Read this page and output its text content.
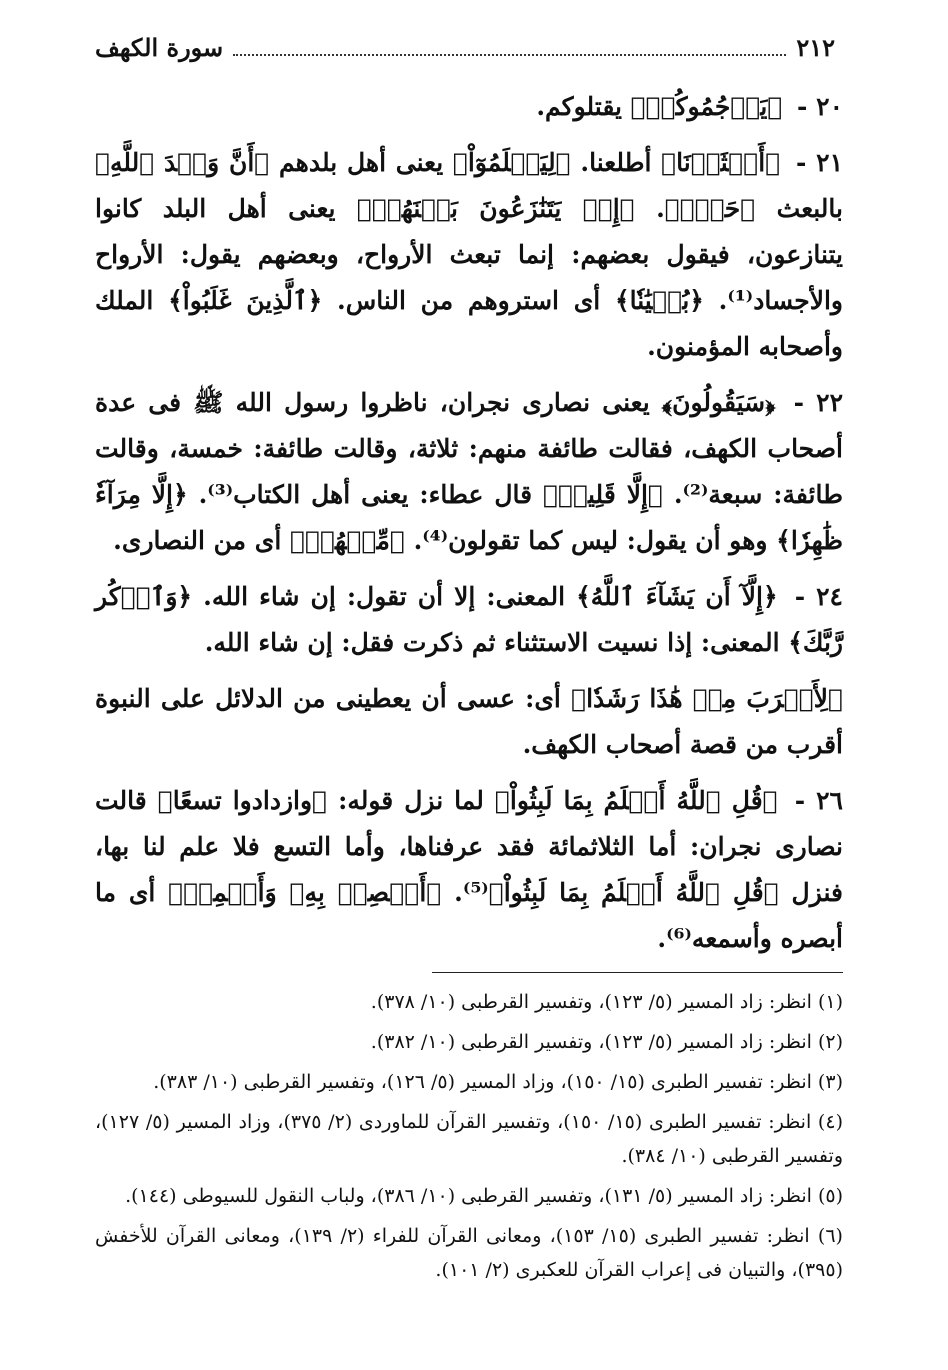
٢١٢
سورة الكهف

٢٠ - ﴿يَرۡجُمُوكُمۡ﴾ يقتلوكم.

٢١ - ﴿أَعۡثَرۡنَا﴾ أطلعنا. ﴿لِيَعۡلَمُوٓاْ﴾ يعنى أهل بلدهم ﴿أَنَّ وَعۡدَ ٱللَّهِ﴾ بالبعث ﴿حَقّٞ﴾. ﴿إِذۡ يَتَنَٰزَعُونَ بَيۡنَهُمۡ﴾ يعنى أهل البلد كانوا يتنازعون، فيقول بعضهم: إنما تبعث الأرواح، وبعضهم يقول: الأرواح والأجساد⁽¹⁾. ﴿بُنۡيَٰنٗا﴾ أى استروهم من الناس. ﴿ٱلَّذِينَ غَلَبُواْ﴾ الملك وأصحابه المؤمنون.

٢٢ - ﴿سَيَقُولُونَ﴾ يعنى نصارى نجران، ناظروا رسول الله ﷺ فى عدة أصحاب الكهف، فقالت طائفة منهم: ثلاثة، وقالت طائفة: خمسة، وقالت طائفة: سبعة⁽²⁾. ﴿إِلَّا قَلِيلٞ﴾ قال عطاء: يعنى أهل الكتاب⁽³⁾. ﴿إِلَّا مِرَآءٗ ظَٰهِرٗا﴾ وهو أن يقول: ليس كما تقولون⁽⁴⁾. ﴿مِّنۡهُمۡ﴾ أى من النصارى.

٢٤ - ﴿إِلَّآ أَن يَشَآءَ ٱللَّهُ﴾ المعنى: إلا أن تقول: إن شاء الله. ﴿وَٱذۡكُر رَّبَّكَ﴾ المعنى: إذا نسيت الاستثناء ثم ذكرت فقل: إن شاء الله.

﴿لِأَقۡرَبَ مِنۡ هَٰذَا رَشَدٗا﴾ أى: عسى أن يعطينى من الدلائل على النبوة أقرب من قصة أصحاب الكهف.

٢٦ - ﴿قُلِ ٱللَّهُ أَعۡلَمُ بِمَا لَبِثُواْ﴾ لما نزل قوله: ﴿وازدادوا تسعًا﴾ قالت نصارى نجران: أما الثلاثمائة فقد عرفناها، وأما التسع فلا علم لنا بها، فنزل ﴿قُلِ ٱللَّهُ أَعۡلَمُ بِمَا لَبِثُواْ﴾⁽⁵⁾. ﴿أَبۡصِرۡ بِهِۦ وَأَسۡمِعۡ﴾ أى ما أبصره وأسمعه⁽⁶⁾.

(١) انظر: زاد المسير (٥/ ١٢٣)، وتفسير القرطبى (١٠/ ٣٧٨).

(٢) انظر: زاد المسير (٥/ ١٢٣)، وتفسير القرطبى (١٠/ ٣٨٢).

(٣) انظر: تفسير الطبرى (١٥/ ١٥٠)، وزاد المسير (٥/ ١٢٦)، وتفسير القرطبى (١٠/ ٣٨٣).

(٤) انظر: تفسير الطبرى (١٥/ ١٥٠)، وتفسير القرآن للماوردى (٢/ ٣٧٥)، وزاد المسير (٥/ ١٢٧)، وتفسير القرطبى (١٠/ ٣٨٤).

(٥) انظر: زاد المسير (٥/ ١٣١)، وتفسير القرطبى (١٠/ ٣٨٦)، ولباب النقول للسيوطى (١٤٤).

(٦) انظر: تفسير الطبرى (١٥/ ١٥٣)، ومعانى القرآن للفراء (٢/ ١٣٩)، ومعانى القرآن للأخفش (٣٩٥)، والتبيان فى إعراب القرآن للعكبرى (٢/ ١٠١).
